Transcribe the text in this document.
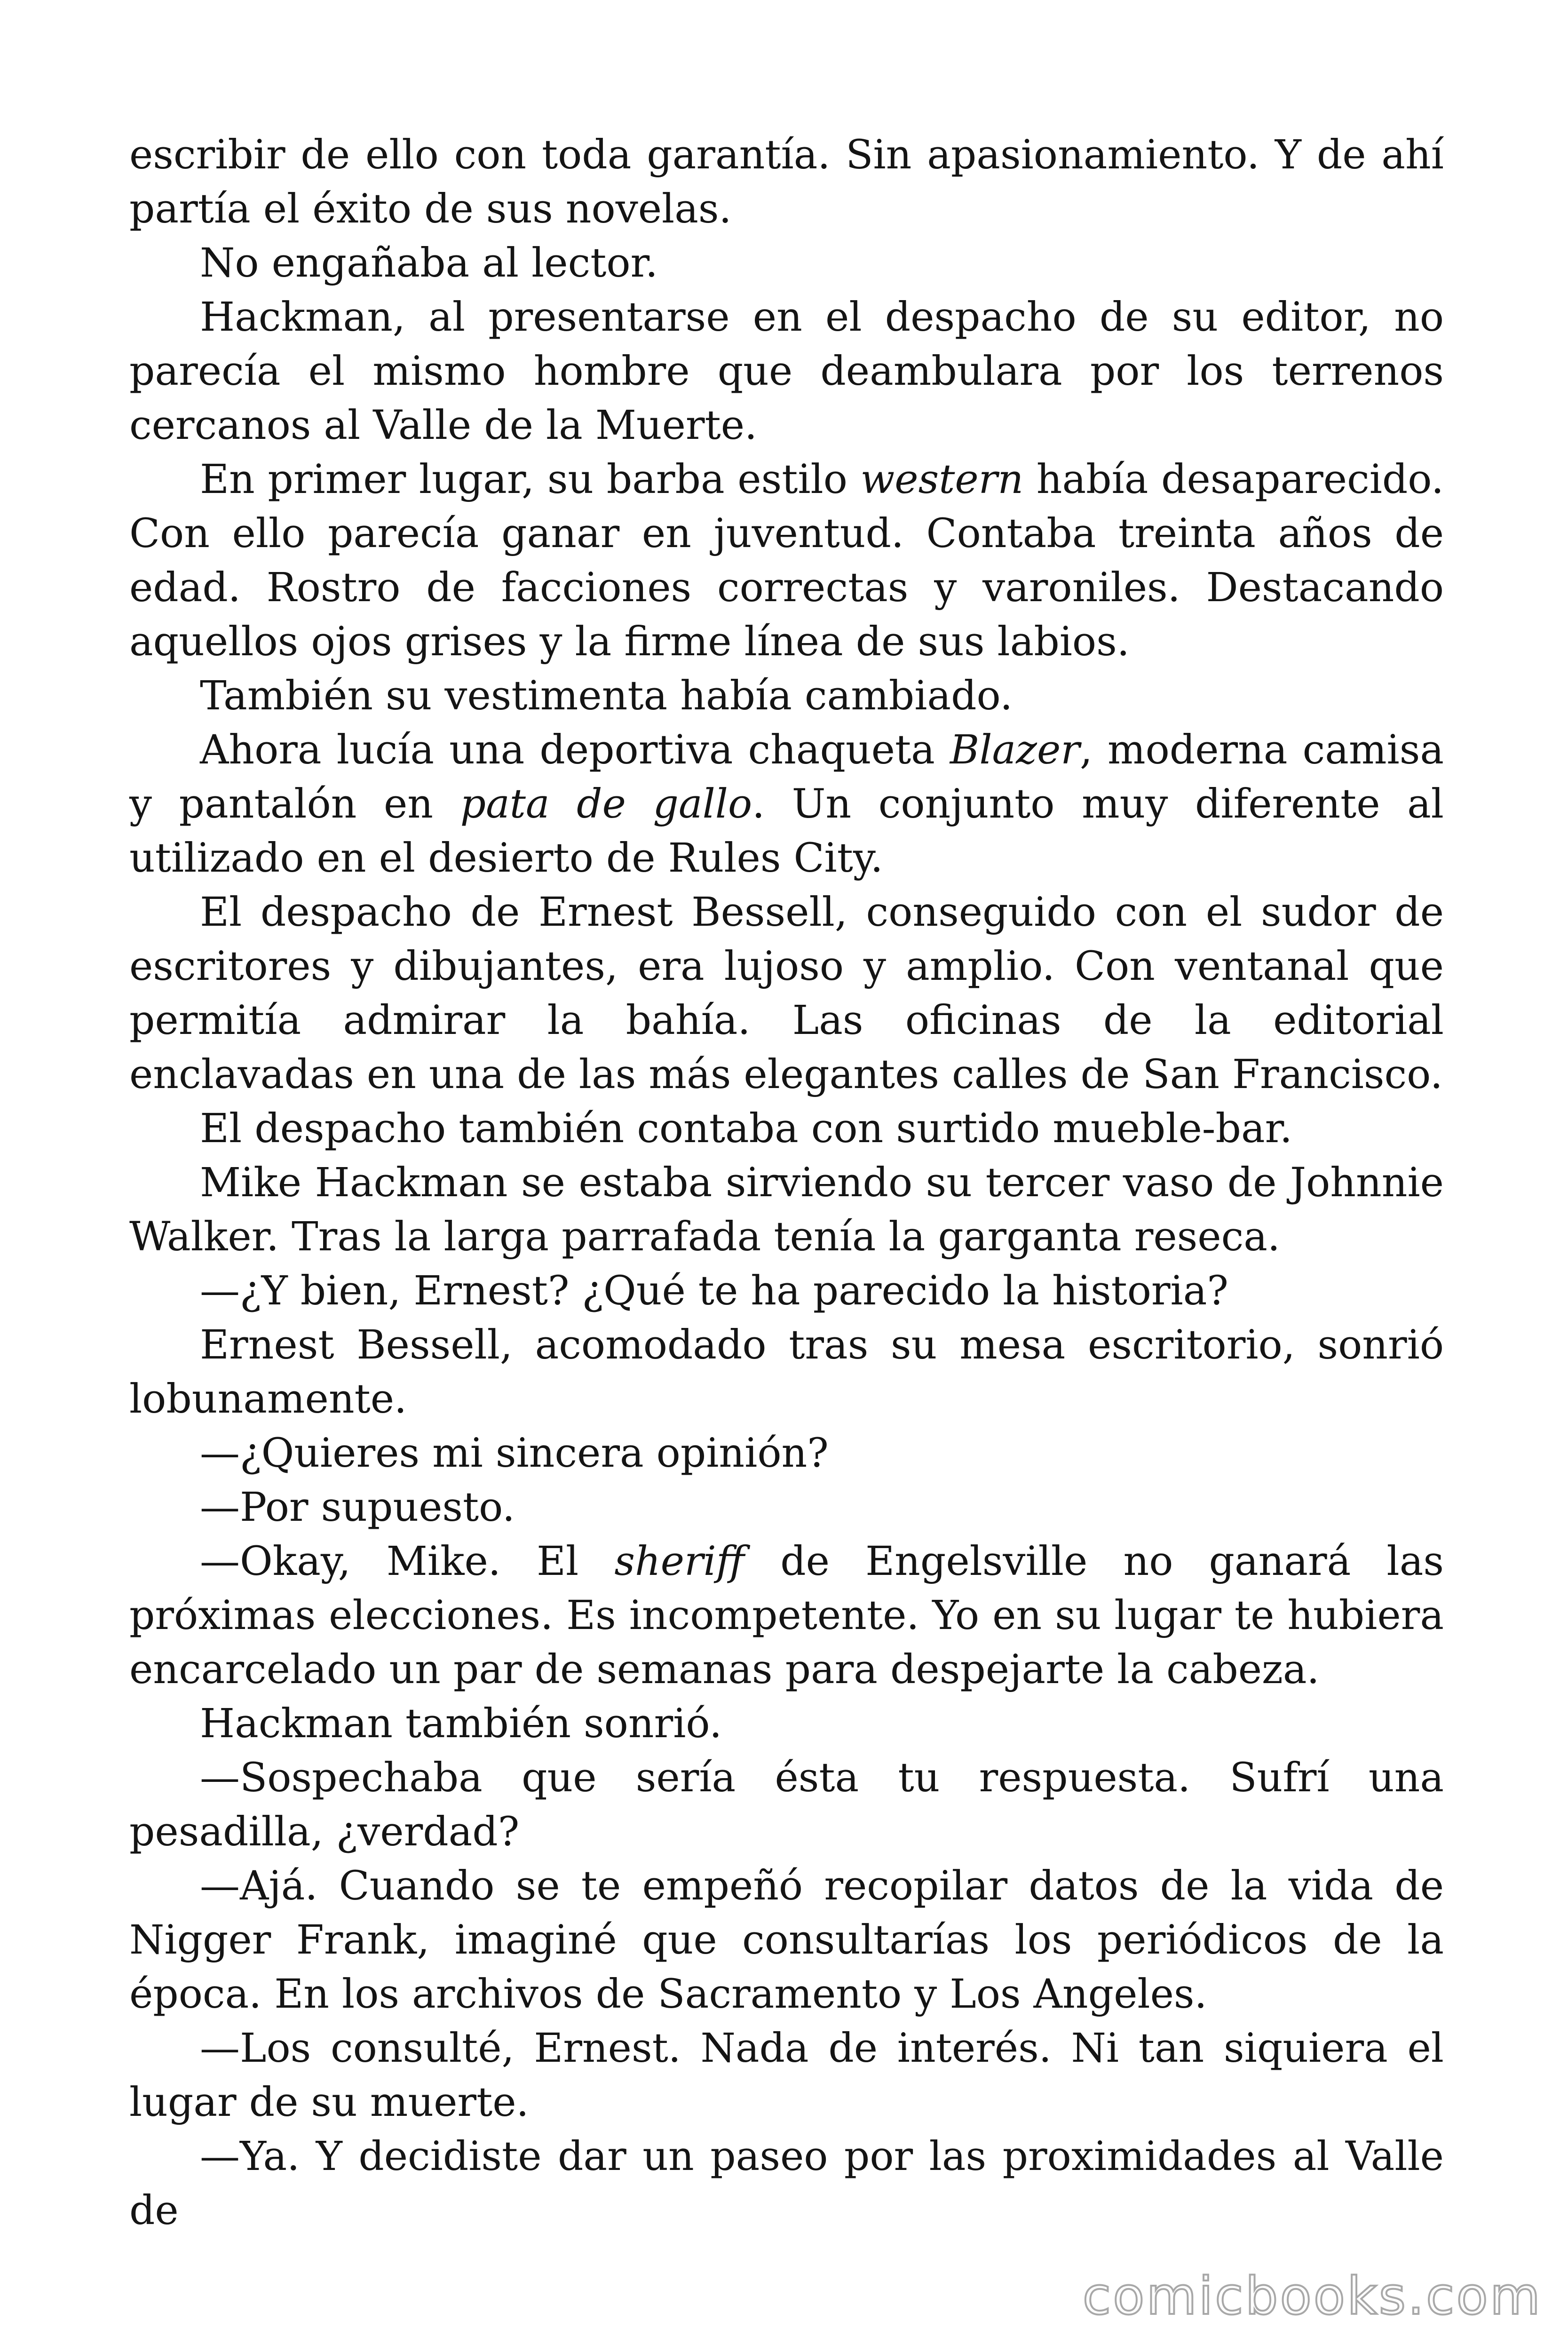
escribir de ello con toda garantía. Sin apasionamiento. Y de ahí partía el éxito de sus novelas.

No engañaba al lector.

Hackman, al presentarse en el despacho de su editor, no parecía el mismo hombre que deambulara por los terrenos cercanos al Valle de la Muerte.

En primer lugar, su barba estilo western había desaparecido. Con ello parecía ganar en juventud. Contaba treinta años de edad. Rostro de facciones correctas y varoniles. Destacando aquellos ojos grises y la firme línea de sus labios.

También su vestimenta había cambiado.

Ahora lucía una deportiva chaqueta Blazer, moderna camisa y pantalón en pata de gallo. Un conjunto muy diferente al utilizado en el desierto de Rules City.

El despacho de Ernest Bessell, conseguido con el sudor de escritores y dibujantes, era lujoso y amplio. Con ventanal que permitía admirar la bahía. Las oficinas de la editorial enclavadas en una de las más elegantes calles de San Francisco.

El despacho también contaba con surtido mueble-bar.

Mike Hackman se estaba sirviendo su tercer vaso de Johnnie Walker. Tras la larga parrafada tenía la garganta reseca.

—¿Y bien, Ernest? ¿Qué te ha parecido la historia?

Ernest Bessell, acomodado tras su mesa escritorio, sonrió lobunamente.

—¿Quieres mi sincera opinión?

—Por supuesto.

—Okay, Mike. El sheriff de Engelsville no ganará las próximas elecciones. Es incompetente. Yo en su lugar te hubiera encarcelado un par de semanas para despejarte la cabeza.

Hackman también sonrió.

—Sospechaba que sería ésta tu respuesta. Sufrí una pesadilla, ¿verdad?

—Ajá. Cuando se te empeñó recopilar datos de la vida de Nigger Frank, imaginé que consultarías los periódicos de la época. En los archivos de Sacramento y Los Angeles.

—Los consulté, Ernest. Nada de interés. Ni tan siquiera el lugar de su muerte.

—Ya. Y decidiste dar un paseo por las proximidades al Valle de

comicbooks.com
